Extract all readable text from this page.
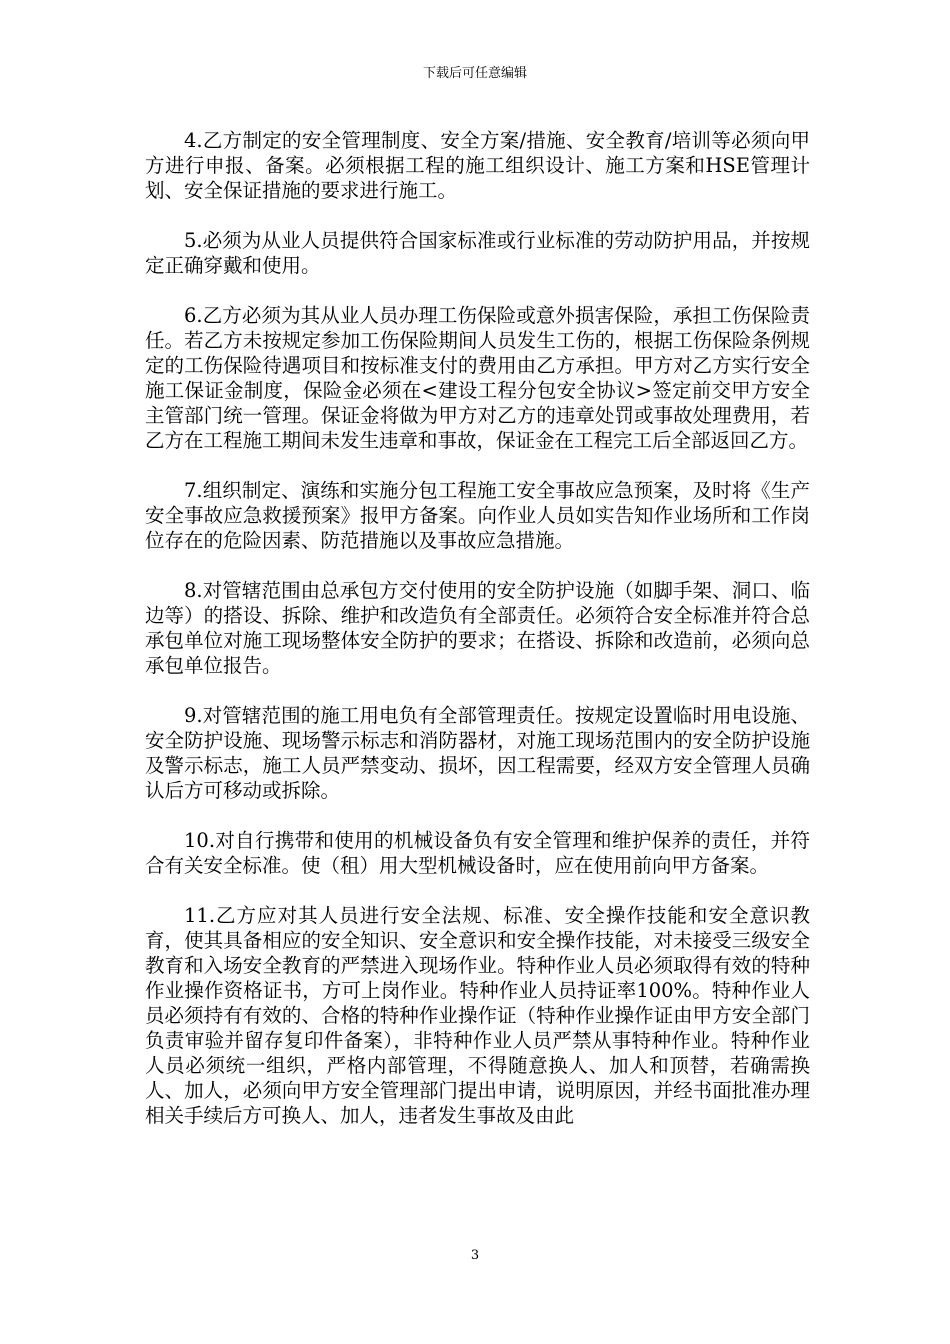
下载后可任意编辑

4.乙方制定的安全管理制度、安全方案/措施、安全教育/培训等必须向甲方进行申报、备案。必须根据工程的施工组织设计、施工方案和HSE管理计划、安全保证措施的要求进行施工。

5.必须为从业人员提供符合国家标准或行业标准的劳动防护用品，并按规定正确穿戴和使用。

6.乙方必须为其从业人员办理工伤保险或意外损害保险，承担工伤保险责任。若乙方未按规定参加工伤保险期间人员发生工伤的，根据工伤保险条例规定的工伤保险待遇项目和按标准支付的费用由乙方承担。甲方对乙方实行安全施工保证金制度，保险金必须在<建设工程分包安全协议>签定前交甲方安全主管部门统一管理。保证金将做为甲方对乙方的违章处罚或事故处理费用，若乙方在工程施工期间未发生违章和事故，保证金在工程完工后全部返回乙方。

7.组织制定、演练和实施分包工程施工安全事故应急预案，及时将《生产安全事故应急救援预案》报甲方备案。向作业人员如实告知作业场所和工作岗位存在的危险因素、防范措施以及事故应急措施。

8.对管辖范围由总承包方交付使用的安全防护设施（如脚手架、洞口、临边等）的搭设、拆除、维护和改造负有全部责任。必须符合安全标准并符合总承包单位对施工现场整体安全防护的要求；在搭设、拆除和改造前，必须向总承包单位报告。

9.对管辖范围的施工用电负有全部管理责任。按规定设置临时用电设施、安全防护设施、现场警示标志和消防器材，对施工现场范围内的安全防护设施及警示标志，施工人员严禁变动、损坏，因工程需要，经双方安全管理人员确认后方可移动或拆除。

10.对自行携带和使用的机械设备负有安全管理和维护保养的责任，并符合有关安全标准。使（租）用大型机械设备时，应在使用前向甲方备案。

11.乙方应对其人员进行安全法规、标准、安全操作技能和安全意识教育，使其具备相应的安全知识、安全意识和安全操作技能，对未接受三级安全教育和入场安全教育的严禁进入现场作业。特种作业人员必须取得有效的特种作业操作资格证书，方可上岗作业。特种作业人员持证率100%。特种作业人员必须持有有效的、合格的特种作业操作证（特种作业操作证由甲方安全部门负责审验并留存复印件备案），非特种作业人员严禁从事特种作业。特种作业人员必须统一组织，严格内部管理，不得随意换人、加人和顶替，若确需换人、加人，必须向甲方安全管理部门提出申请，说明原因，并经书面批准办理相关手续后方可换人、加人，违者发生事故及由此

3
